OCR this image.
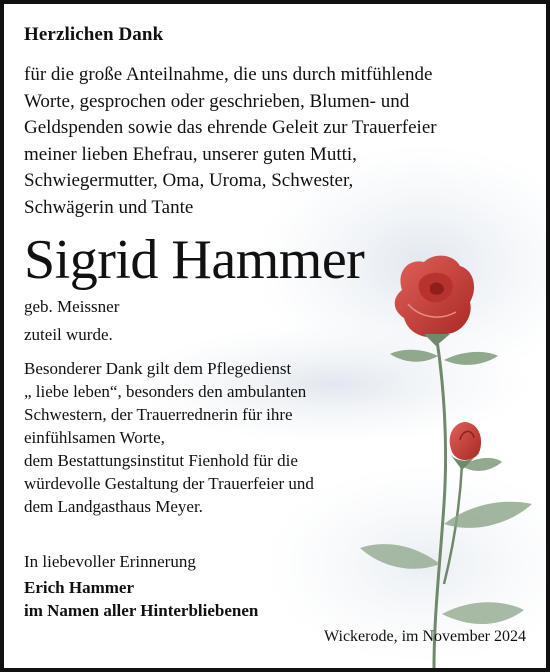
Herzlichen Dank
für die große Anteilnahme, die uns durch mitfühlende
Worte, gesprochen oder geschrieben, Blumen- und
Geldspenden sowie das ehrende Geleit zur Trauerfeier
meiner lieben Ehefrau, unserer guten Mutti,
Schwiegermutter, Oma, Uroma, Schwester,
Schwägerin und Tante
Sigrid Hammer
geb. Meissner
zuteil wurde.
Besonderer Dank gilt dem Pflegedienst
„ liebe leben“, besonders den ambulanten
Schwestern, der Trauerrednerin für ihre
einfühlsamen Worte,
dem Bestattungsinstitut Fienhold für die
würdevolle Gestaltung der Trauerfeier und
dem Landgasthaus Meyer.
In liebevoller Erinnerung
Erich Hammer
im Namen aller Hinterbliebenen
Wickerode, im November 2024
